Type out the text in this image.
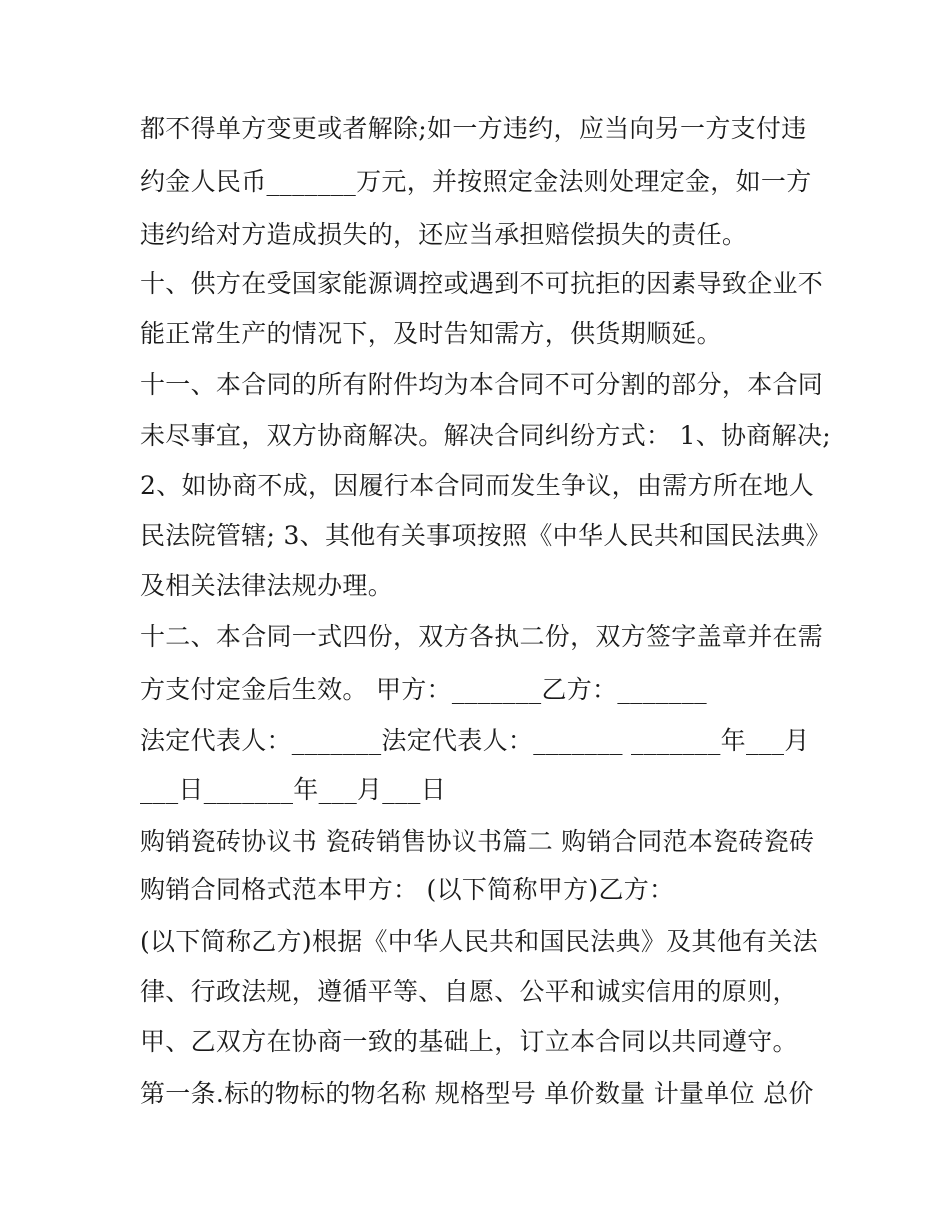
都不得单方变更或者解除;如一方违约，应当向另一方支付违
约金人民币_______万元，并按照定金法则处理定金，如一方
违约给对方造成损失的，还应当承担赔偿损失的责任。
十、供方在受国家能源调控或遇到不可抗拒的因素导致企业不
能正常生产的情况下，及时告知需方，供货期顺延。
十一、本合同的所有附件均为本合同不可分割的部分，本合同
未尽事宜，双方协商解决。解决合同纠纷方式： 1、协商解决;
2、如协商不成，因履行本合同而发生争议，由需方所在地人
民法院管辖; 3、其他有关事项按照《中华人民共和国民法典》
及相关法律法规办理。
十二、本合同一式四份，双方各执二份，双方签字盖章并在需
方支付定金后生效。 甲方：_______乙方：_______
法定代表人：_______法定代表人：_______ _______年___月
___日_______年___月___日
购销瓷砖协议书 瓷砖销售协议书篇二 购销合同范本瓷砖瓷砖
购销合同格式范本甲方： (以下简称甲方)乙方：
(以下简称乙方)根据《中华人民共和国民法典》及其他有关法
律、行政法规，遵循平等、自愿、公平和诚实信用的原则，
甲、乙双方在协商一致的基础上，订立本合同以共同遵守。
第一条.标的物标的物名称 规格型号 单价数量 计量单位 总价
